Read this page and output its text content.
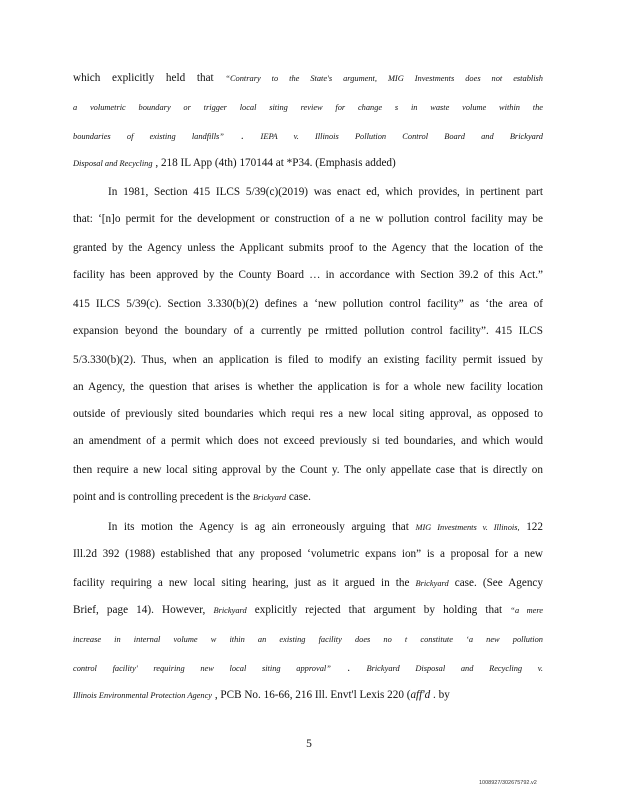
which explicitly held that “Contrary to the State's argument, MIG Investments does not establish
a volumetric boundary or trigger local siting review for change s in waste volume within the
boundaries of existing landfills” . IEPA v. Illinois Pollution Control Board and Brickyard
Disposal and Recycling , 218 IL App (4th) 170144 at *P34. (Emphasis added)
In 1981, Section 415 ILCS 5/39(c)(2019) was enact ed, which provides, in pertinent part
that: ‘[n]o permit for the development or construction of a ne w pollution control facility may be
granted by the Agency unless the Applicant submits proof to the Agency that the location of the
facility has been approved by the County Board … in accordance with Section 39.2 of this Act.”
415 ILCS 5/39(c). Section 3.330(b)(2) defines a ‘new pollution control facility” as ‘the area of
expansion beyond the boundary of a currently pe rmitted pollution control facility”. 415 ILCS
5/3.330(b)(2). Thus, when an application is filed to modify an existing facility permit issued by
an Agency, the question that arises is whether the application is for a whole new facility location
outside of previously sited boundaries which requi res a new local siting approval, as opposed to
an amendment of a permit which does not exceed previously si ted boundaries, and which would
then require a new local siting approval by the Count y. The only appellate case that is directly on
point and is controlling precedent is the Brickyard case.
In its motion the Agency is ag ain erroneously arguing that MIG Investments v. Illinois, 122
Ill.2d 392 (1988) established that any proposed ‘volumetric expans ion” is a proposal for a new
facility requiring a new local siting hearing, just as it argued in the Brickyard case. (See Agency
Brief, page 14). However, Brickyard explicitly rejected that argument by holding that “a mere
increase in internal volume w ithin an existing facility does no t constitute ‘a new pollution
control facility' requiring new local siting approval” . Brickyard Disposal and Recycling v.
Illinois Environmental Protection Agency , PCB No. 16-66, 216 Ill. Envt'l Lexis 220 (aff'd . by
5
1008927/302675792.v2
